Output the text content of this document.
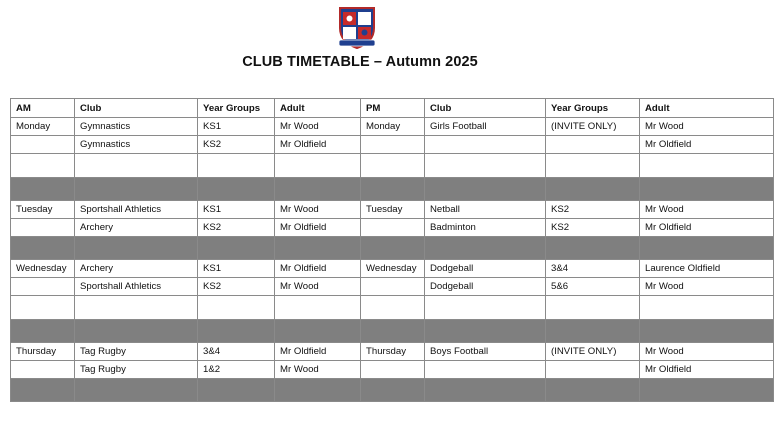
CLUB TIMETABLE – Autumn 2025
AM	Club	Year Groups	Adult	PM	Club	Year Groups	Adult
Monday	Gymnastics	KS1	Mr Wood	Monday	Girls Football	(INVITE ONLY)	Mr Wood
	Gymnastics	KS2	Mr Oldfield				Mr Oldfield

Tuesday	Sportshall Athletics	KS1	Mr Wood	Tuesday	Netball	KS2	Mr Wood
	Archery	KS2	Mr Oldfield		Badminton	KS2	Mr Oldfield

Wednesday	Archery	KS1	Mr Oldfield	Wednesday	Dodgeball	3&4	Laurence Oldfield
	Sportshall Athletics	KS2	Mr Wood		Dodgeball	5&6	Mr Wood

Thursday	Tag Rugby	3&4	Mr Oldfield	Thursday	Boys Football	(INVITE ONLY)	Mr Wood
	Tag Rugby	1&2	Mr Wood				Mr Oldfield
